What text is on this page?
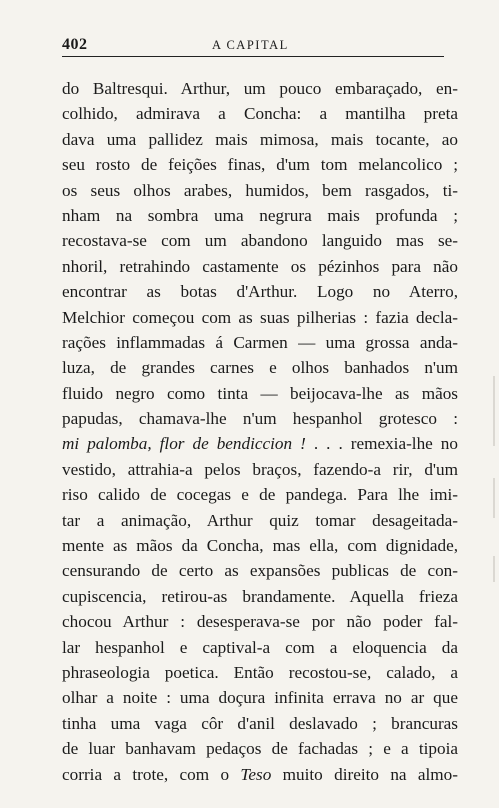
402	A CAPITAL
do Baltresqui. Arthur, um pouco embaraçado, en-
colhido, admirava a Concha: a mantilha preta
dava uma pallidez mais mimosa, mais tocante, ao
seu rosto de feições finas, d'um tom melancolico ;
os seus olhos arabes, humidos, bem rasgados, ti-
nham na sombra uma negrura mais profunda ;
recostava-se com um abandono languido mas se-
nhoril, retrahindo castamente os pézinhos para não
encontrar as botas d'Arthur. Logo no Aterro,
Melchior começou com as suas pilherias : fazia decla-
rações inflammadas á Carmen — uma grossa anda-
luza, de grandes carnes e olhos banhados n'um
fluido negro como tinta — beijocava-lhe as mãos
papudas, chamava-lhe n'um hespanhol grotesco :
mi palomba, flor de bendiccion ! . . . remexia-lhe no
vestido, attrahia-a pelos braços, fazendo-a rir, d'um
riso calido de cocegas e de pandega. Para lhe imi-
tar a animação, Arthur quiz tomar desageitada-
mente as mãos da Concha, mas ella, com dignidade,
censurando de certo as expansões publicas de con-
cupiscencia, retirou-as brandamente. Aquella frieza
chocou Arthur : desesperava-se por não poder fal-
lar hespanhol e captival-a com a eloquencia da
phraseologia poetica. Então recostou-se, calado, a
olhar a noite : uma doçura infinita errava no ar que
tinha uma vaga côr d'anil deslavado ; brancuras
de luar banhavam pedaços de fachadas ; e a tipoia
corria a trote, com o Teso muito direito na almo-
